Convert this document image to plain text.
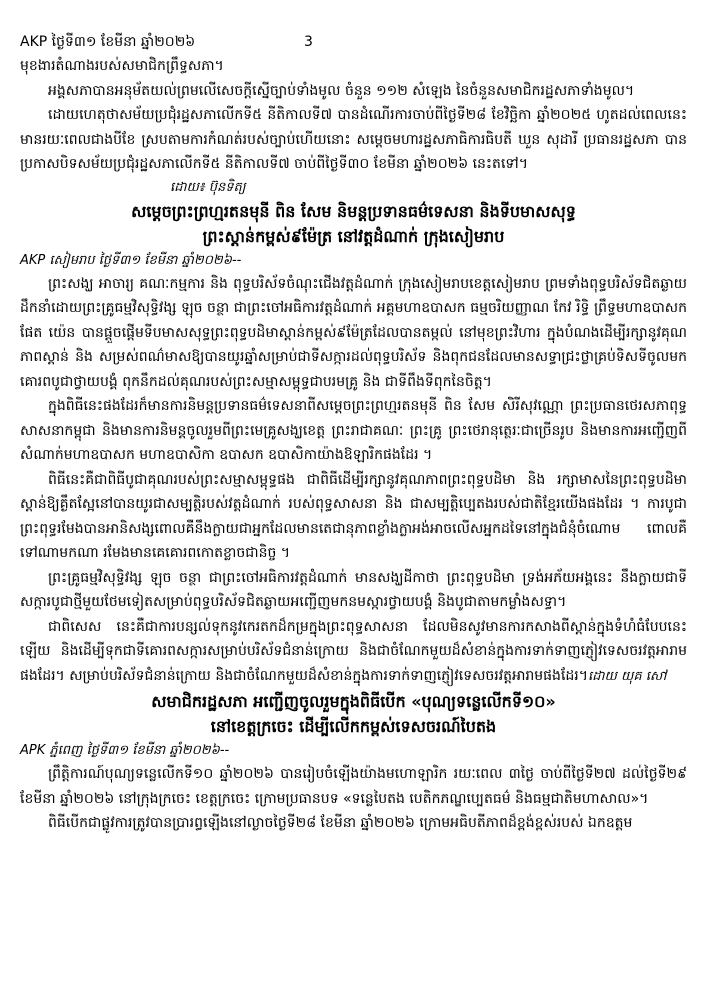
AKP ថ្ងៃទី៣១ ខែមីនា ឆ្នាំ២០២៦	3

មុខងារតំណាងរបស់សមាជិកព្រឹទ្ធសភា។

អង្គសភាបានអនុម័តយល់ព្រមលើសេចក្តីស្នើច្បាប់ទាំងមូល ចំនួន ១១២ សំឡេង នៃចំនួនសមាជិករដ្ឋសភាទាំងមូល។

ដោយហេតុថាសម័យប្រជុំរដ្ឋសភាលើកទី៥ នីតិកាលទី៧ បានដំណើរការចាប់ពីថ្ងៃទី២៨ ខែវិច្ឆិកា ឆ្នាំ២០២៥ ហូតដល់ពេលនេះ មានរយៈពេលជាងបីខែ ស្របតាមការកំណត់របស់ច្បាប់ហើយនោះ សម្តេចមហារដ្ឋសភាធិការធិបតី ឃួន សុដារី ប្រធានរដ្ឋសភា បានប្រកាសបិទសម័យប្រជុំរដ្ឋសភាលើកទី៥ នីតិកាលទី៧ ចាប់ពីថ្ងៃទី៣០ ខែមីនា ឆ្នាំ២០២៦ នេះតទៅ។

ដោយ៖ ប៊ុនទិត្យ
សម្តេចព្រះព្រហ្មរតនមុនី ពិន សែម និមន្តប្រទានធម៌ទេសនា និងទីបមាសសុទ្ធ
ព្រះស្តាន់កម្ពស់៩ម៉ែត្រ នៅវត្តដំណាក់ ក្រុងសៀមរាប
AKP សៀមរាប ថ្ងៃទី៣១ ខែមីនា ឆ្នាំ២០២៦--

ព្រះសង្ឃ អាចារ្យ គណៈកម្មការ និង ពុទ្ធបរិស័ទចំណុះជើងវត្តដំណាក់ ក្រុងសៀមរាបខេត្តសៀមរាប ព្រមទាំងពុទ្ធបរិស័ទជិតឆ្ងាយ ដឹកនាំដោយព្រះគ្រូធម្មវិសុទ្ធិវង្ស ឡុច ចន្ថា ជាព្រះចៅអធិការវត្តដំណាក់ អគ្គមហាឧបាសក ធម្មចរិយញ្ញាណ កែវ រិទ្ធិ ព្រឹទ្ធមហាឧបាសក ផែត យ៉េន បានផ្តួចផ្តើមទីបមាសសុទ្ធព្រះពុទ្ធបដិមាស្តាន់កម្ពស់៩ម៉ែត្រដែលបានតម្កល់ នៅមុខព្រះវិហារ ក្នុងបំណងដើម្បីរក្សានូវគុណភាពស្តាន់ និង សម្រស់ពណ៌មាសឱ្យបានយូរឆ្នាំសម្រាប់ជាទីសក្ការដល់ពុទ្ធបរិស័ទ និងពុកជនដែលមានសទ្ធាជ្រះថ្លាគ្រប់ទិសទីចូលមកគោរពបូជាថ្វាយបង្គំ ពុកនឹកដល់គុណរបស់ព្រះសម្មាសម្ពុទ្ធជាបរមគ្រូ និង ជាទីពឹងទីពុកនៃចិត្ត។

ក្នុងពិធីនេះផងដែរក៏មានការនិមន្តប្រទានធម៌ទេសនាពីសម្តេចព្រះព្រហ្មរតនមុនី ពិន សែម សិរីសុវណ្ណោ ព្រះប្រធានថេរសភាពុទ្ធសាសនាកម្ពុជា និងមានការនិមន្តចូលរួមពីព្រះមេគ្រូសង្ឃខេត្ត ព្រះរាជាគណៈ ព្រះគ្រូ ព្រះថេរានុត្ថេរៈជាច្រើនរូប និងមានការអញ្ជើញពីសំណាក់មហាឧបាសក មហាឧបាសិកា ឧបាសក ឧបាសិកាយ៉ាងឱឡារិកផងដែរ ។

ពិធីនេះគឺជាពិធីបូជាគុណរបស់ព្រះសម្មាសម្ពុទ្ធផង ជាពិធីដើម្បីរក្សានូវគុណភាពព្រះពុទ្ធបដិមា និង រក្សាមាសនៃព្រះពុទ្ធបដិមាស្តាន់ឱ្យគ្ងឹតស្អែនៅបានយូរជាសម្បត្តិរបស់វត្តដំណាក់ របស់ពុទ្ធសាសនា និង ជាសម្បត្តិប្បេតងរបស់ជាតិខ្មែរយើងផងដែរ ។ ការបូជាព្រះពុទ្ធរមែងបានអានិសង្សពោលគឺនឹងក្លាយជាអ្នកដែលមានតេជានុភាពខ្លាំងក្លាអង់អាចលើសអ្នកដទៃនៅក្នុងជំនុំចំណោម ពោលគឺទៅណាមកណា រមែងមានគេគោរពកោតខ្លាចជានិច្ច ។

ព្រះគ្រូធម្មវិសុទ្ធិវង្ស ឡុច ចន្ថា ជាព្រះចៅអធិការវត្តដំណាក់ មានសង្ឃដីកាថា ព្រះពុទ្ធបដិមា ទ្រង់អភ័យអង្គនេះ នឹងក្លាយជាទីសក្ការបូជាថ្មីមួយថែមទៀតសម្រាប់ពុទ្ធបរិស័ទជិតឆ្ងាយអញ្ជើញមកនមស្ការថ្វាយបង្គំ និងបូជាតាមកម្លាំងសទ្ធា។

ជាពិសេស នេះគឺជាការបន្សល់ទុកនូវកេរតកដ៏កម្រក្នុងព្រះពុទ្ធសាសនា ដែលមិនសូវមានការកសាងពីស្តាន់ក្នុងទំហំធំបែបនេះឡើយ និងដើម្បីទុកជាទីគោរពសក្ការសម្រាប់បរិស័ទជំនាន់ក្រោយ និងជាចំណែកមួយដ៏សំខាន់ក្នុងការទាក់ទាញភ្ញៀវទេសចរវត្តអារាមផងដែរ។ សម្រាប់បរិស័ទជំនាន់ក្រោយ និងជាចំណែកមួយដ៏សំខាន់ក្នុងការទាក់ទាញភ្ញៀវទេសចរវត្តអារាមផងដែរ។ដោយ យុគ សៅ

សមាជិករដ្ឋសភា អញ្ជើញចូលរួមក្នុងពិធីបើក «បុណ្យទន្លេលើកទី១០»
នៅខេត្តក្រចេះ ដើម្បីលើកកម្ពស់ទេសចរណ៍បៃតង
APK ភ្នំពេញ ថ្ងៃទី៣១ ខែមីនា ឆ្នាំ២០២៦--

ព្រឹត្តិការណ៍បុណ្យទន្លេលើកទី១០ ឆ្នាំ២០២៦ បានរៀបចំឡើងយ៉ាងមហោឡារិក រយៈពេល ៣ថ្ងៃ ចាប់ពីថ្ងៃទី២៧ ដល់ថ្ងៃទី២៩ ខែមីនា ឆ្នាំ២០២៦ នៅក្រុងក្រចេះ ខេត្តក្រចេះ ក្រោមប្រធានបទ «ទន្លេបៃតង បេតិកភណ្ឌប្បេតធម៌ និងធម្មជាតិមហាសាល»។

ពិធីបើកជាផ្លូវការត្រូវបានប្រារព្ធឡើងនៅល្ងាចថ្ងៃទី២៨ ខែមីនា ឆ្នាំ២០២៦ ក្រោមអធិបតីភាពដ៏ខ្ពង់ខ្ពស់របស់ ឯកឧត្តម
